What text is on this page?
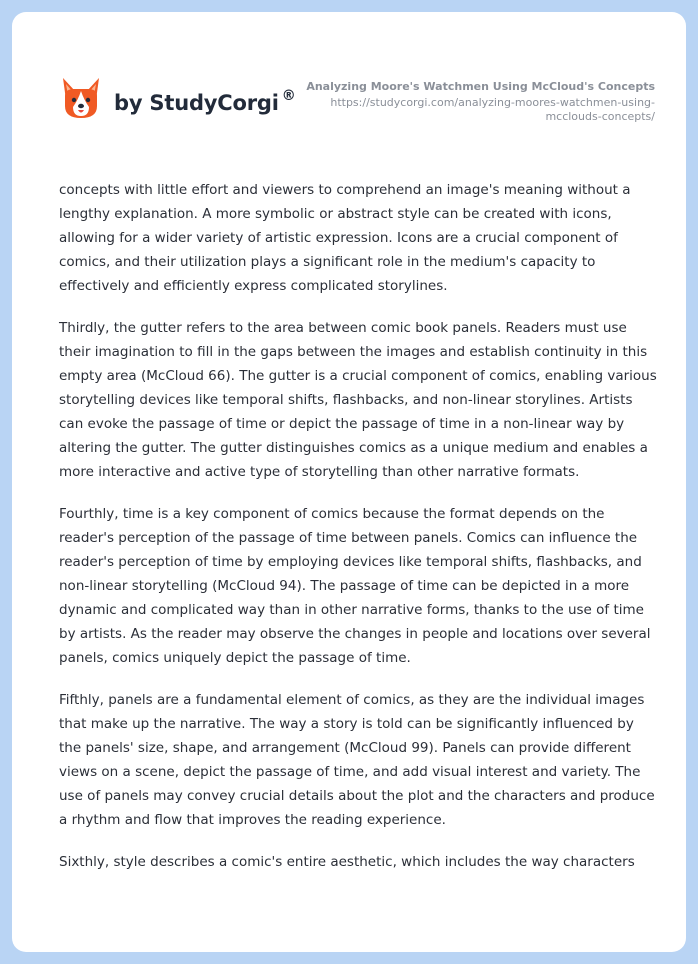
by StudyCorgi ®
Analyzing Moore's Watchmen Using McCloud's Concepts
https://studycorgi.com/analyzing-moores-watchmen-using-mcclouds-concepts/

concepts with little effort and viewers to comprehend an image's meaning without a lengthy explanation. A more symbolic or abstract style can be created with icons, allowing for a wider variety of artistic expression. Icons are a crucial component of comics, and their utilization plays a significant role in the medium's capacity to effectively and efficiently express complicated storylines.

Thirdly, the gutter refers to the area between comic book panels. Readers must use their imagination to fill in the gaps between the images and establish continuity in this empty area (McCloud 66). The gutter is a crucial component of comics, enabling various storytelling devices like temporal shifts, flashbacks, and non-linear storylines. Artists can evoke the passage of time or depict the passage of time in a non-linear way by altering the gutter. The gutter distinguishes comics as a unique medium and enables a more interactive and active type of storytelling than other narrative formats.

Fourthly, time is a key component of comics because the format depends on the reader's perception of the passage of time between panels. Comics can influence the reader's perception of time by employing devices like temporal shifts, flashbacks, and non-linear storytelling (McCloud 94). The passage of time can be depicted in a more dynamic and complicated way than in other narrative forms, thanks to the use of time by artists. As the reader may observe the changes in people and locations over several panels, comics uniquely depict the passage of time.

Fifthly, panels are a fundamental element of comics, as they are the individual images that make up the narrative. The way a story is told can be significantly influenced by the panels' size, shape, and arrangement (McCloud 99). Panels can provide different views on a scene, depict the passage of time, and add visual interest and variety. The use of panels may convey crucial details about the plot and the characters and produce a rhythm and flow that improves the reading experience.

Sixthly, style describes a comic's entire aesthetic, which includes the way characters
